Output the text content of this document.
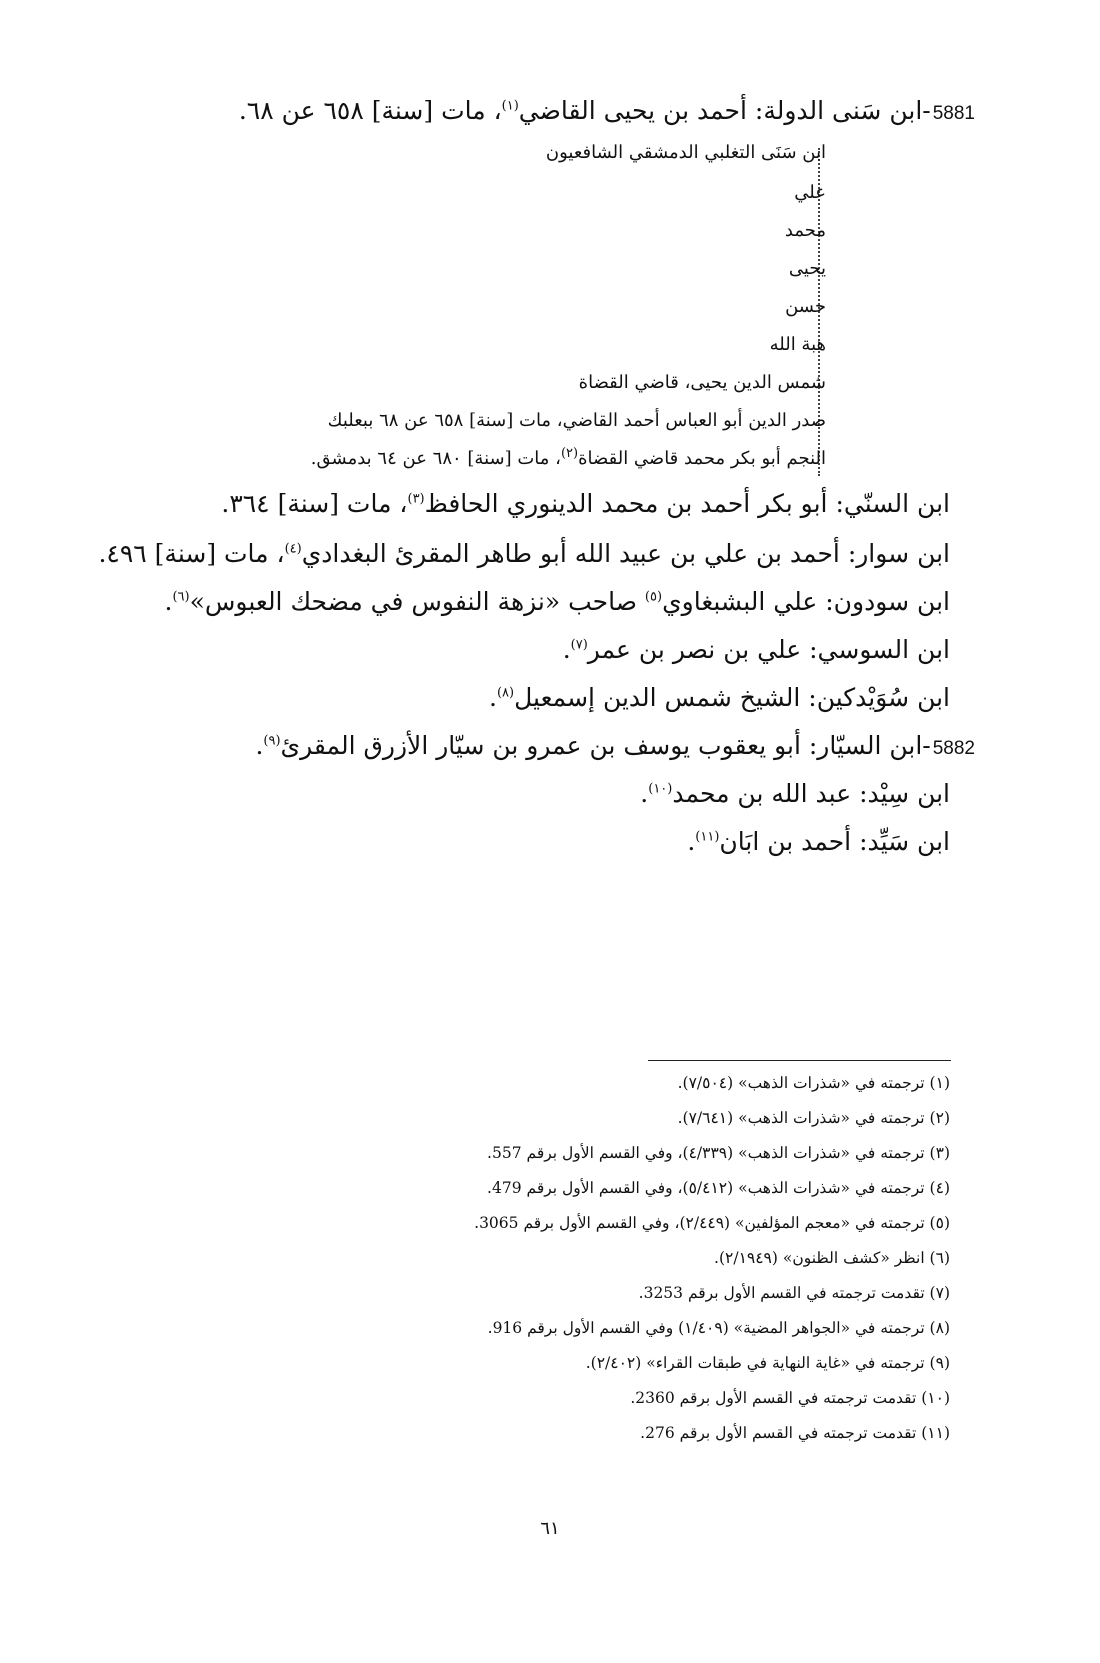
5881-ابن سَنى الدولة: أحمد بن يحيى القاضي$^{(١)}$، مات [سنة] ٦٥٨ عن ٦٨.
ابن سَنَى التغلبي الدمشقي الشافعيون
علي
محمد
يحيى
حسن
هبة الله
شمس الدين يحيى، قاضي القضاة
صدر الدين أبو العباس أحمد القاضي، مات [سنة] ٦٥٨ عن ٦٨ ببعلبك
النجم أبو بكر محمد قاضي القضاة$^{(٢)}$، مات [سنة] ٦٨٠ عن ٦٤ بدمشق.
ابن السنّي: أبو بكر أحمد بن محمد الدينوري الحافظ$^{(٣)}$، مات [سنة] ٣٦٤.
ابن سوار: أحمد بن علي بن عبيد الله أبو طاهر المقرئ البغدادي$^{(٤)}$، مات [سنة] ٤٩٦.
ابن سودون: علي البشبغاوي$^{(٥)}$ صاحب «نزهة النفوس في مضحك العبوس»$^{(٦)}$.
ابن السوسي: علي بن نصر بن عمر$^{(٧)}$.
ابن سُوَيْدكين: الشيخ شمس الدين إسمعيل$^{(٨)}$.
5882-ابن السيّار: أبو يعقوب يوسف بن عمرو بن سيّار الأزرق المقرئ$^{(٩)}$.
ابن سِيْد: عبد الله بن محمد$^{(١٠)}$.
ابن سَيِّد: أحمد بن ابَان$^{(١١)}$.
(١) ترجمته في «شذرات الذهب» (٧/٥٠٤).
(٢) ترجمته في «شذرات الذهب» (٧/٦٤١).
(٣) ترجمته في «شذرات الذهب» (٤/٣٣٩)، وفي القسم الأول برقم 557.
(٤) ترجمته في «شذرات الذهب» (٥/٤١٢)، وفي القسم الأول برقم 479.
(٥) ترجمته في «معجم المؤلفين» (٢/٤٤٩)، وفي القسم الأول برقم 3065.
(٦) انظر «كشف الظنون» (٢/١٩٤٩).
(٧) تقدمت ترجمته في القسم الأول برقم 3253.
(٨) ترجمته في «الجواهر المضية» (١/٤٠٩) وفي القسم الأول برقم 916.
(٩) ترجمته في «غاية النهاية في طبقات القراء» (٢/٤٠٢).
(١٠) تقدمت ترجمته في القسم الأول برقم 2360.
(١١) تقدمت ترجمته في القسم الأول برقم 276.
٦١
